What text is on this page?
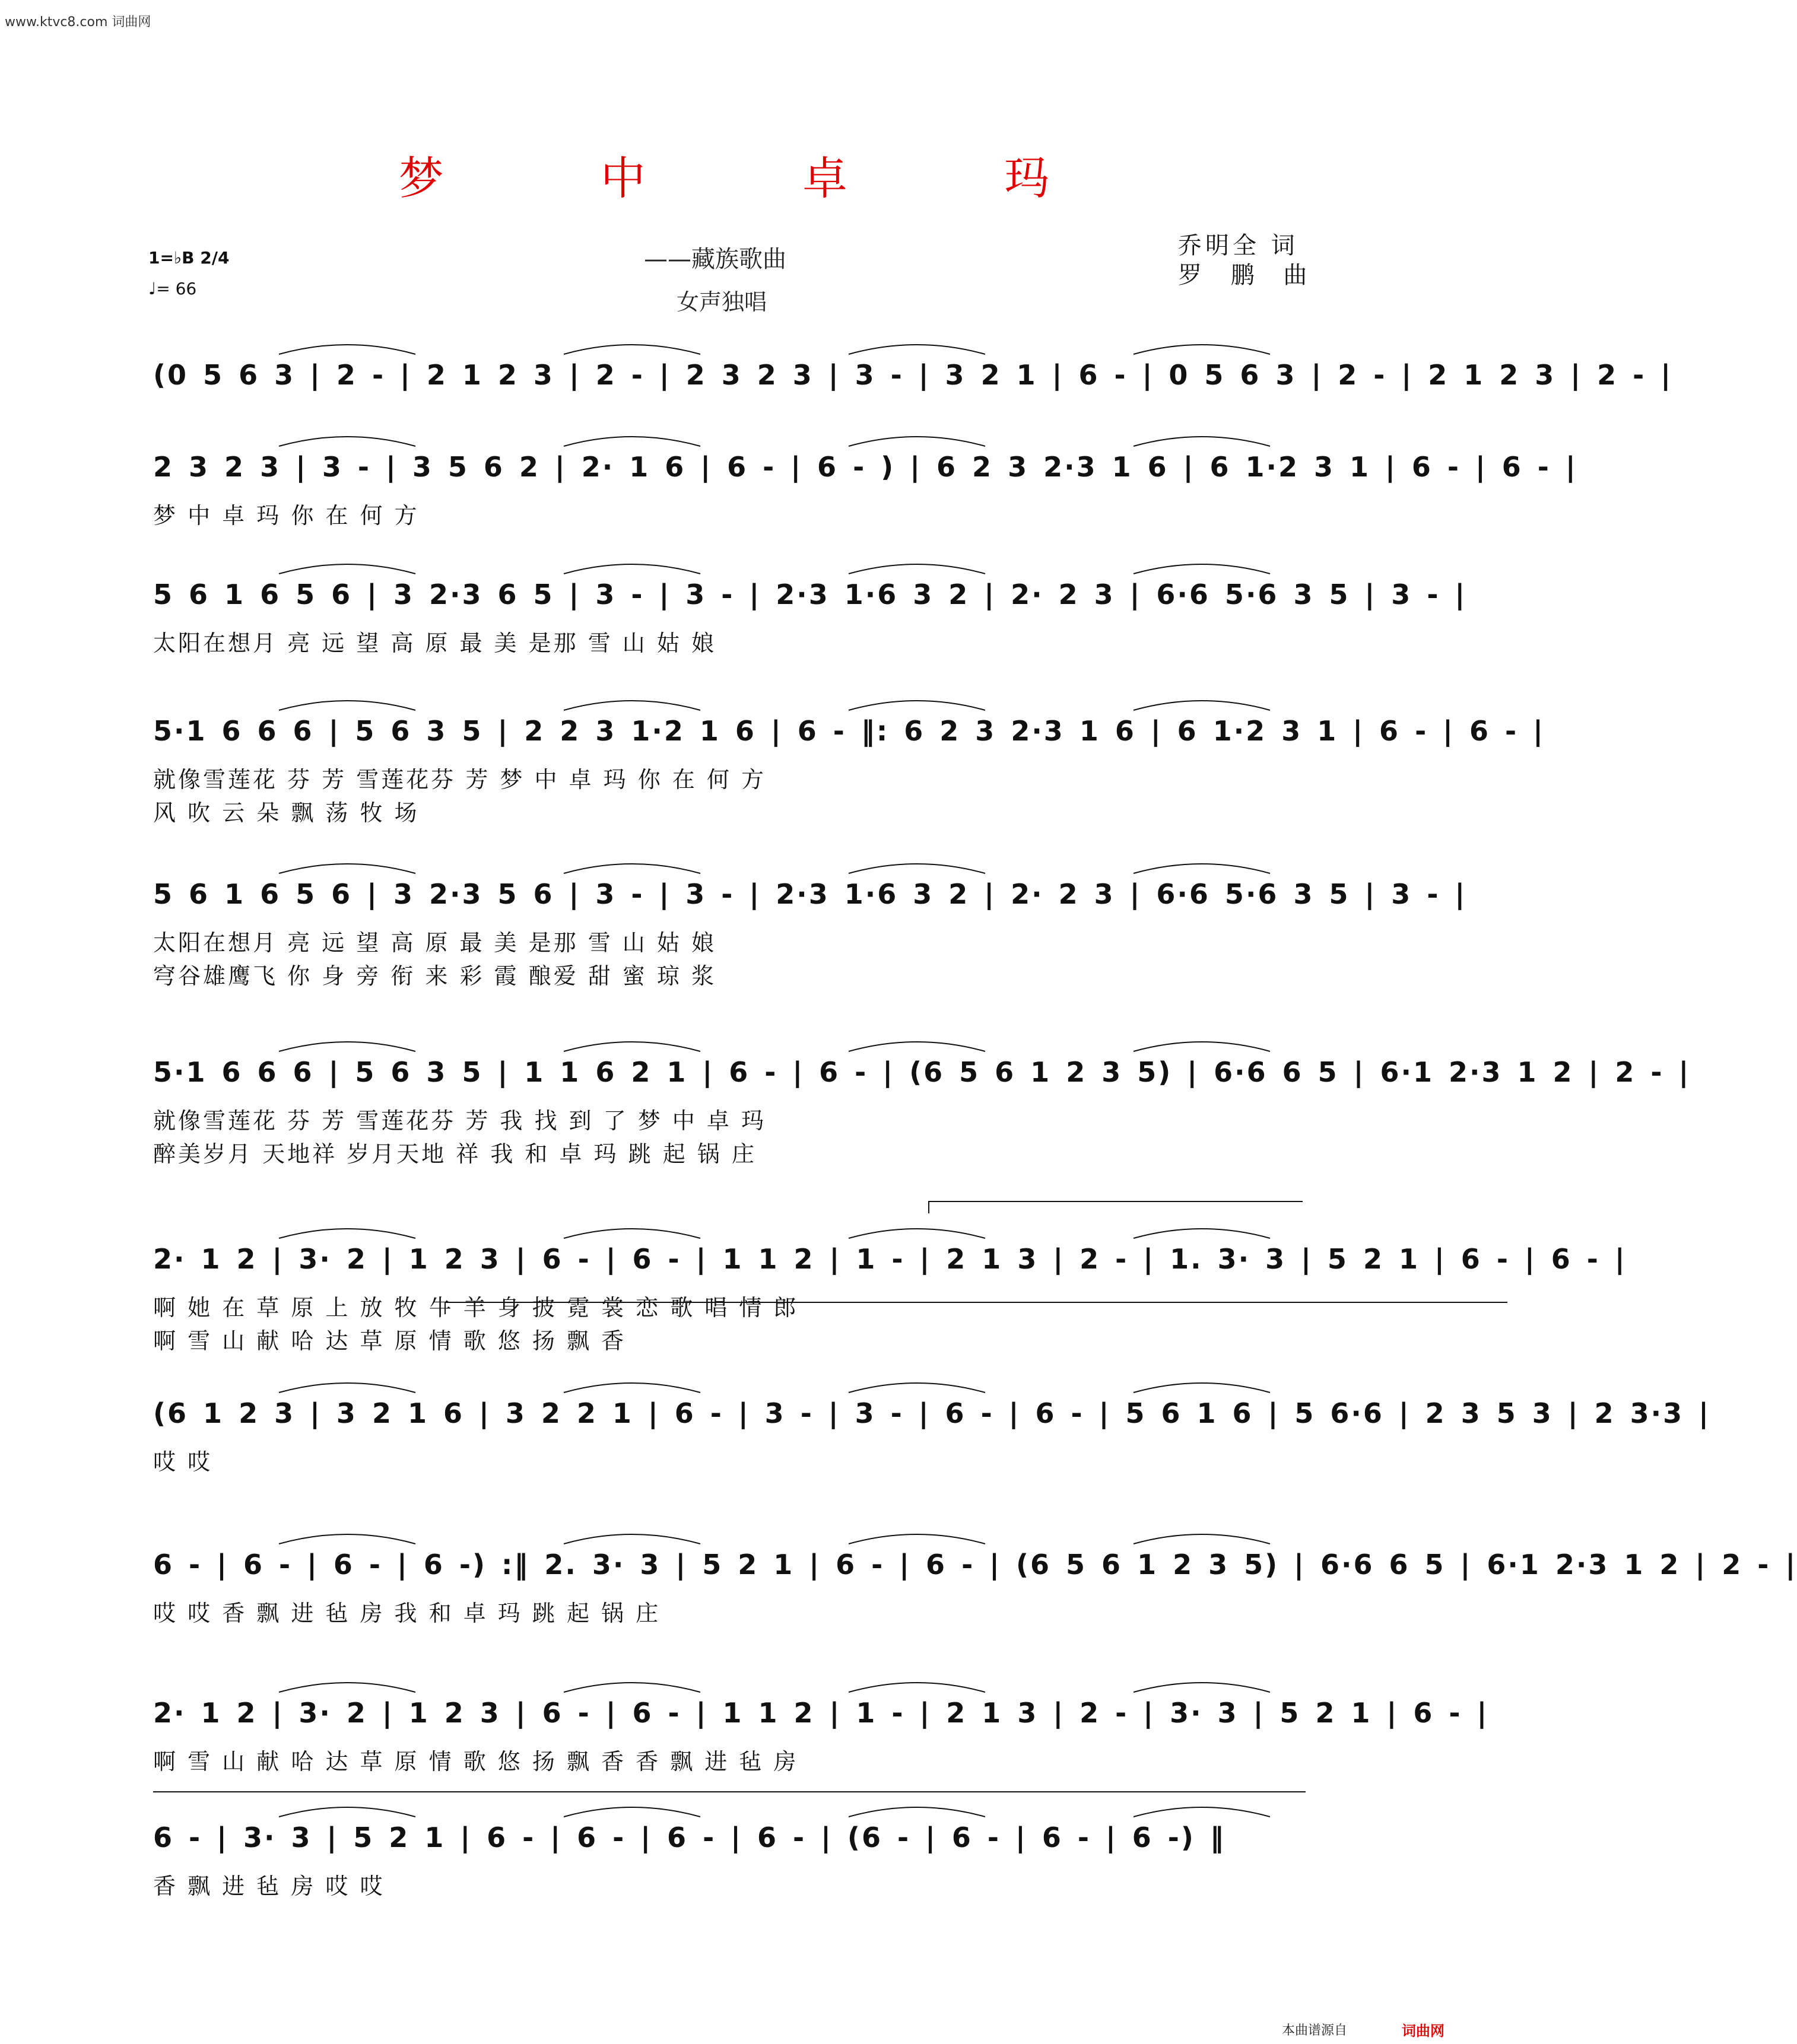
www.ktvc8.com 词曲网
梦 中 卓 玛
1=♭B 2/4
♩= 66
——藏族歌曲
女声独唱
乔明全 词
罗 鹏 曲
(0 5 6 3 | 2 - | 2 1 2 3 | 2 - | 2 3 2 3 | 3 - | 3 2 1 | 6 - | 0 5 6 3 | 2 - | 2 1 2 3 | 2 - |
2 3 2 3 | 3 - | 3 5 6 2 | 2· 1 6 | 6 - | 6 - ) | 6 2 3 2·3 1 6 | 6 1·2 3 1 | 6 - | 6 - |
梦 中 卓 玛 你 在 何 方
5 6 1 6 5 6 | 3 2·3 6 5 | 3 - | 3 - | 2·3 1·6 3 2 | 2· 2 3 | 6·6 5·6 3 5 | 3 - |
太阳在想月 亮 远 望 高 原 最 美 是那 雪 山 姑 娘
5·1 6 6 6 | 5 6 3 5 | 2 2 3 1·2 1 6 | 6 - ‖: 6 2 3 2·3 1 6 | 6 1·2 3 1 | 6 - | 6 - |
就像雪莲花 芬 芳 雪莲花芬 芳 梦 中 卓 玛 你 在 何 方
风 吹 云 朵 飘 荡 牧 场
5 6 1 6 5 6 | 3 2·3 5 6 | 3 - | 3 - | 2·3 1·6 3 2 | 2· 2 3 | 6·6 5·6 3 5 | 3 - |
太阳在想月 亮 远 望 高 原 最 美 是那 雪 山 姑 娘
穹谷雄鹰飞 你 身 旁 衔 来 彩 霞 酿爱 甜 蜜 琼 浆
5·1 6 6 6 | 5 6 3 5 | 1 1 6 2 1 | 6 - | 6 - | (6 5 6 1 2 3 5) | 6·6 6 5 | 6·1 2·3 1 2 | 2 - |
就像雪莲花 芬 芳 雪莲花芬 芳 我 找 到 了 梦 中 卓 玛
醉美岁月 天地祥 岁月天地 祥 我 和 卓 玛 跳 起 锅 庄
2· 1 2 | 3· 2 | 1 2 3 | 6 - | 6 - | 1 1 2 | 1 - | 2 1 3 | 2 - | 1. 3· 3 | 5 2 1 | 6 - | 6 - |
啊 她 在 草 原 上 放 牧 牛 羊 身 披 霓 裳 恋 歌 唱 情 郎
啊 雪 山 献 哈 达 草 原 情 歌 悠 扬 飘 香
(6 1 2 3 | 3 2 1 6 | 3 2 2 1 | 6 - | 3 - | 3 - | 6 - | 6 - | 5 6 1 6 | 5 6·6 | 2 3 5 3 | 2 3·3 |
哎 哎
6 - | 6 - | 6 - | 6 -) :‖ 2. 3· 3 | 5 2 1 | 6 - | 6 - | (6 5 6 1 2 3 5) | 6·6 6 5 | 6·1 2·3 1 2 | 2 - |
哎 哎 香 飘 进 毡 房 我 和 卓 玛 跳 起 锅 庄
2· 1 2 | 3· 2 | 1 2 3 | 6 - | 6 - | 1 1 2 | 1 - | 2 1 3 | 2 - | 3· 3 | 5 2 1 | 6 - |
啊 雪 山 献 哈 达 草 原 情 歌 悠 扬 飘 香 香 飘 进 毡 房
6 - | 3· 3 | 5 2 1 | 6 - | 6 - | 6 - | 6 - | (6 - | 6 - | 6 - | 6 -) ‖
香 飘 进 毡 房 哎 哎
本曲谱源自	词曲网
